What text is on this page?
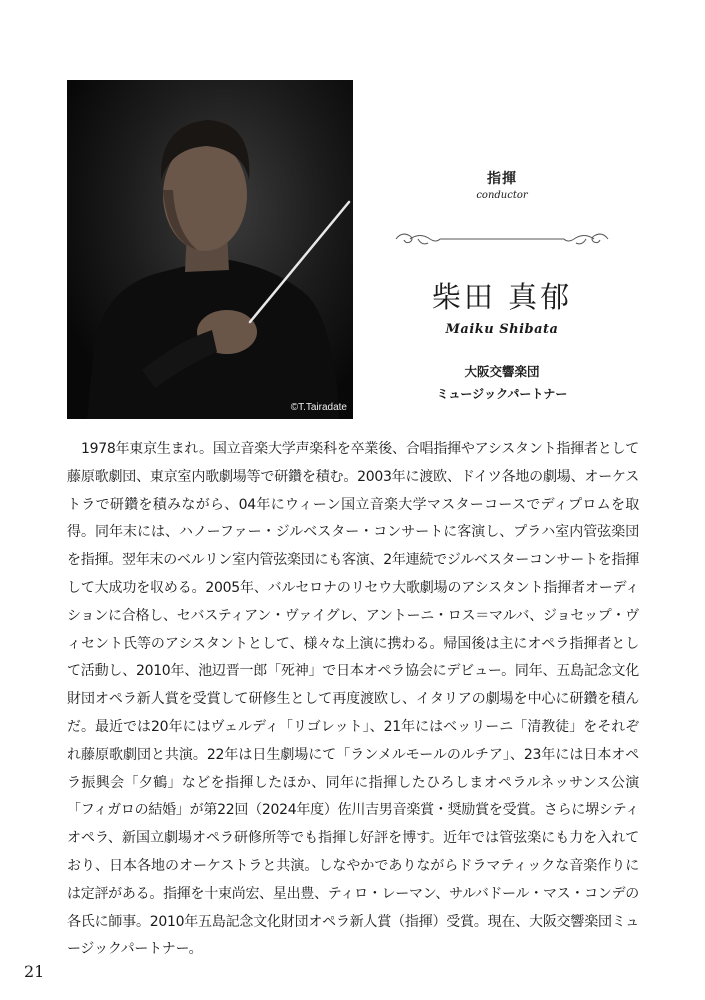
©T.Tairadate
指揮
conductor
柴田 真郁
Maiku Shibata
大阪交響楽団
ミュージックパートナー

1978年東京生まれ。国立音楽大学声楽科を卒業後、合唱指揮やアシスタント指揮者として藤原歌劇団、東京室内歌劇場等で研鑽を積む。2003年に渡欧、ドイツ各地の劇場、オーケストラで研鑽を積みながら、04年にウィーン国立音楽大学マスターコースでディプロムを取得。同年末には、ハノーファー・ジルベスター・コンサートに客演し、プラハ室内管弦楽団を指揮。翌年末のベルリン室内管弦楽団にも客演、2年連続でジルベスターコンサートを指揮して大成功を収める。2005年、バルセロナのリセウ大歌劇場のアシスタント指揮者オーディションに合格し、セバスティアン・ヴァイグレ、アントーニ・ロス＝マルバ、ジョセップ・ヴィセント氏等のアシスタントとして、様々な上演に携わる。帰国後は主にオペラ指揮者として活動し、2010年、池辺晋一郎「死神」で日本オペラ協会にデビュー。同年、五島記念文化財団オペラ新人賞を受賞して研修生として再度渡欧し、イタリアの劇場を中心に研鑽を積んだ。最近では20年にはヴェルディ「リゴレット」、21年にはベッリーニ「清教徒」をそれぞれ藤原歌劇団と共演。22年は日生劇場にて「ランメルモールのルチア」、23年には日本オペラ振興会「夕鶴」などを指揮したほか、同年に指揮したひろしまオペラルネッサンス公演「フィガロの結婚」が第22回（2024年度）佐川吉男音楽賞・奨励賞を受賞。さらに堺シティオペラ、新国立劇場オペラ研修所等でも指揮し好評を博す。近年では管弦楽にも力を入れており、日本各地のオーケストラと共演。しなやかでありながらドラマティックな音楽作りには定評がある。指揮を十束尚宏、星出豊、ティロ・レーマン、サルバドール・マス・コンデの各氏に師事。2010年五島記念文化財団オペラ新人賞（指揮）受賞。現在、大阪交響楽団ミュージックパートナー。

21
